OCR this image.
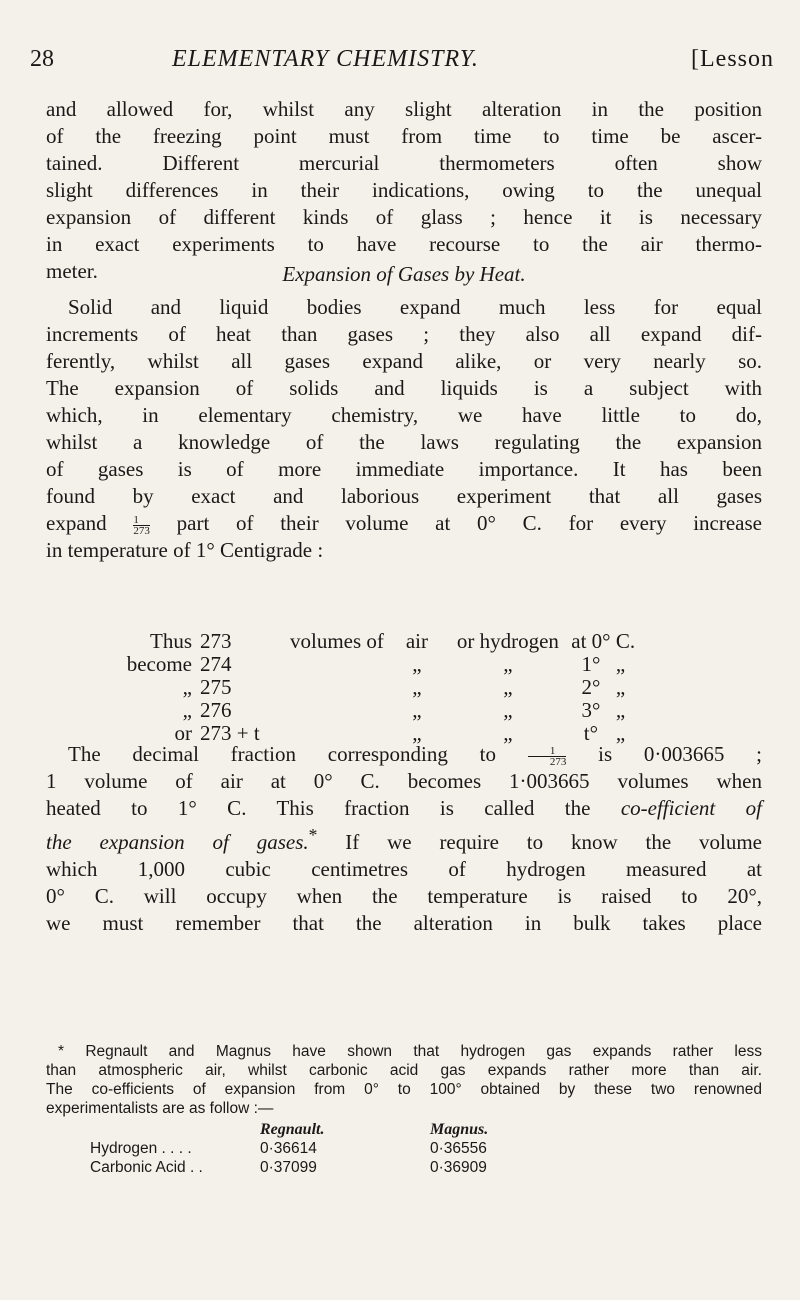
28	ELEMENTARY CHEMISTRY.	[Lesson
and allowed for, whilst any slight alteration in the position
of the freezing point must from time to time be ascer-
tained. Different mercurial thermometers often show
slight differences in their indications, owing to the unequal
expansion of different kinds of glass ; hence it is necessary
in exact experiments to have recourse to the air thermo-
meter.	Expansion of Gases by Heat.
Solid and liquid bodies expand much less for equal
increments of heat than gases ; they also all expand dif-
ferently, whilst all gases expand alike, or very nearly so.
The expansion of solids and liquids is a subject with
which, in elementary chemistry, we have little to do,
whilst a knowledge of the laws regulating the expansion
of gases is of more immediate importance. It has been
found by exact and laborious experiment that all gases
expand $\frac{1}{273}$ part of their volume at 0° C. for every increase
in temperature of 1° Centigrade :
Thus	273	volumes of	air	or hydrogen	at 0°	C.
become	274		„	„	1°	„
„	275		„	„	2°	„
„	276		„	„	3°	„
or	273 + t		„	„	t°	„
The decimal fraction corresponding to	$\frac{1}{273}$ is 0·003665 ;
1 volume of air at 0° C. becomes 1·003665 volumes when
heated to 1° C. This fraction is called the co-efficient of
the expansion of gases.* If we require to know the volume
which 1,000 cubic centimetres of hydrogen measured at
0° C. will occupy when the temperature is raised to 20°,
we must remember that the alteration in bulk takes place
* Regnault and Magnus have shown that hydrogen gas expands rather less
than atmospheric air, whilst carbonic acid gas expands rather more than air.
The co-efficients of expansion from 0° to 100° obtained by these two renowned
experimentalists are as follow :—
	Regnault.	Magnus.
Hydrogen . . . .	0·36614	0·36556
Carbonic Acid . .	0·37099	0·36909
